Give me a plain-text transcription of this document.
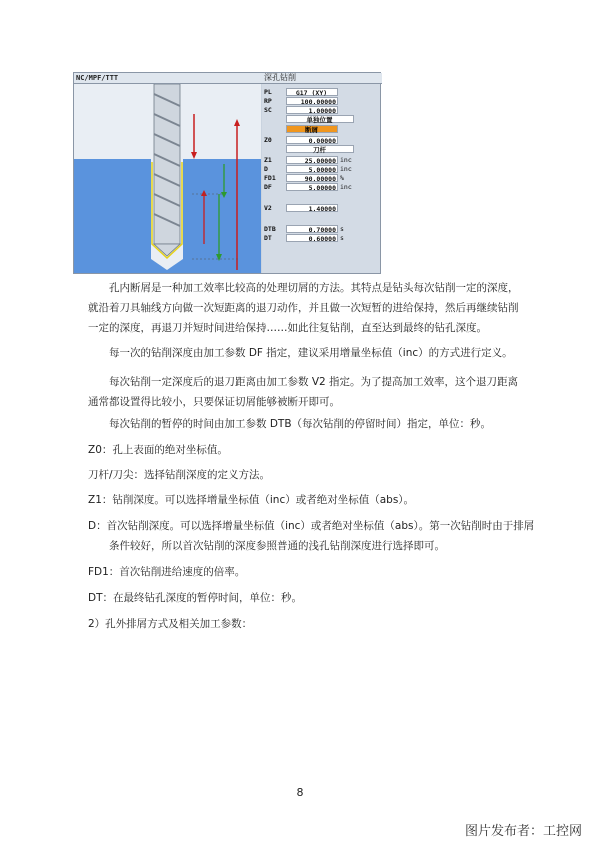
NC/MPF/TTT	深孔钻削
PL	G17 (XY)
RP	100.00000
SC	1.00000
单独位置
断屑
Z0	0.00000
刀杆
Z1	25.00000 inc
D	5.00000 inc
FD1	90.00000 %
DF	5.00000 inc
V2	1.40000
DTB	0.70000 s
DT	0.60000 s
孔内断屑是一种加工效率比较高的处理切屑的方法。其特点是钻头每次钻削一定的深度，就沿着刀具轴线方向做一次短距离的退刀动作，并且做一次短暂的进给保持，然后再继续钻削一定的深度，再退刀并短时间进给保持……如此往复钻削，直至达到最终的钻孔深度。
每一次的钻削深度由加工参数 DF 指定，建议采用增量坐标值（inc）的方式进行定义。
每次钻削一定深度后的退刀距离由加工参数 V2 指定。为了提高加工效率，这个退刀距离通常都设置得比较小，只要保证切屑能够被断开即可。
每次钻削的暂停的时间由加工参数 DTB（每次钻削的停留时间）指定，单位：秒。
Z0：孔上表面的绝对坐标值。
刀杆/刀尖：选择钻削深度的定义方法。
Z1：钻削深度。可以选择增量坐标值（inc）或者绝对坐标值（abs）。
D：首次钻削深度。可以选择增量坐标值（inc）或者绝对坐标值（abs）。第一次钻削时由于排屑条件较好，所以首次钻削的深度参照普通的浅孔钻削深度进行选择即可。
FD1：首次钻削进给速度的倍率。
DT：在最终钻孔深度的暂停时间，单位：秒。
2）孔外排屑方式及相关加工参数：
8
图片发布者：工控网
